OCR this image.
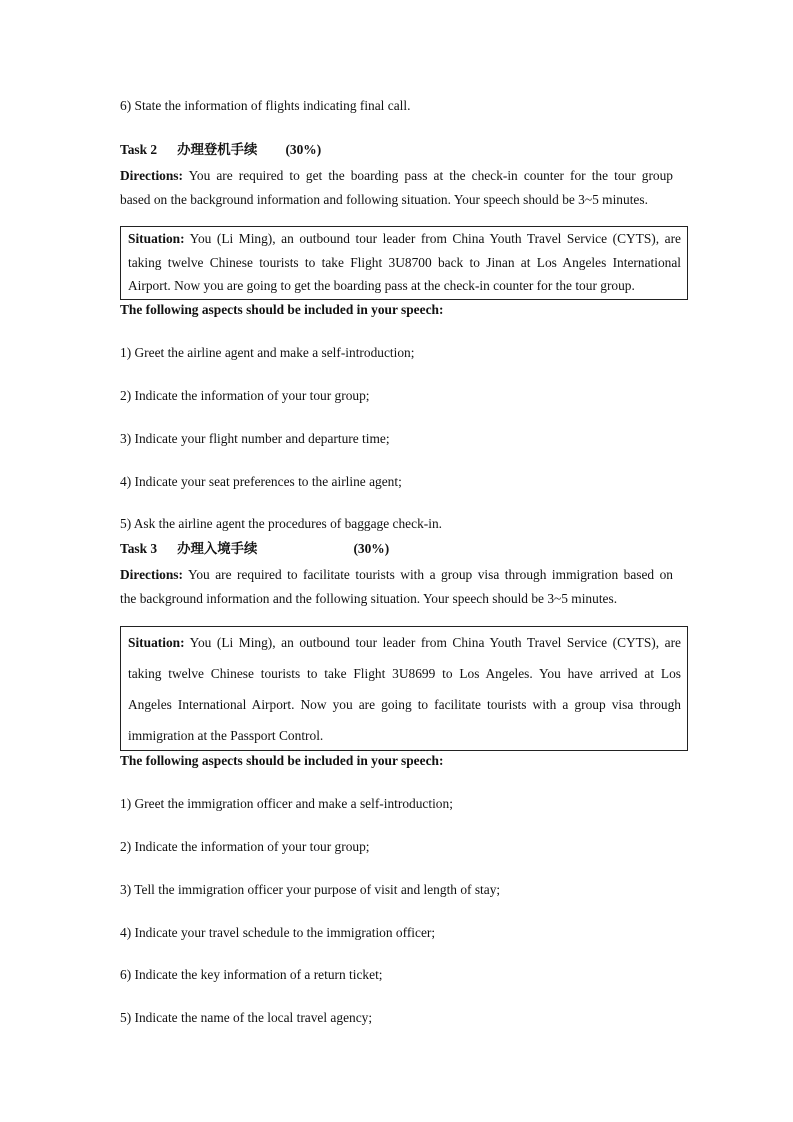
6) State the information of flights indicating final call.
Task 2 办理登机手续 (30%)
Directions: You are required to get the boarding pass at the check-in counter for the tour group
based on the background information and following situation. Your speech should be 3~5 minutes.
Situation: You (Li Ming), an outbound tour leader from China Youth Travel Service (CYTS), are
taking twelve Chinese tourists to take Flight 3U8700 back to Jinan at Los Angeles International
Airport. Now you are going to get the boarding pass at the check-in counter for the tour group.
The following aspects should be included in your speech:
1) Greet the airline agent and make a self-introduction;
2) Indicate the information of your tour group;
3) Indicate your flight number and departure time;
4) Indicate your seat preferences to the airline agent;
5) Ask the airline agent the procedures of baggage check-in.
Task 3 办理入境手续	(30%)
Directions: You are required to facilitate tourists with a group visa through immigration based on
the background information and the following situation. Your speech should be 3~5 minutes.
Situation: You (Li Ming), an outbound tour leader from China Youth Travel Service (CYTS), are
taking twelve Chinese tourists to take Flight 3U8699 to Los Angeles. You have arrived at Los
Angeles International Airport. Now you are going to facilitate tourists with a group visa through
immigration at the Passport Control.
The following aspects should be included in your speech:
1) Greet the immigration officer and make a self-introduction;
2) Indicate the information of your tour group;
3) Tell the immigration officer your purpose of visit and length of stay;
4) Indicate your travel schedule to the immigration officer;
6) Indicate the key information of a return ticket;
5) Indicate the name of the local travel agency;
